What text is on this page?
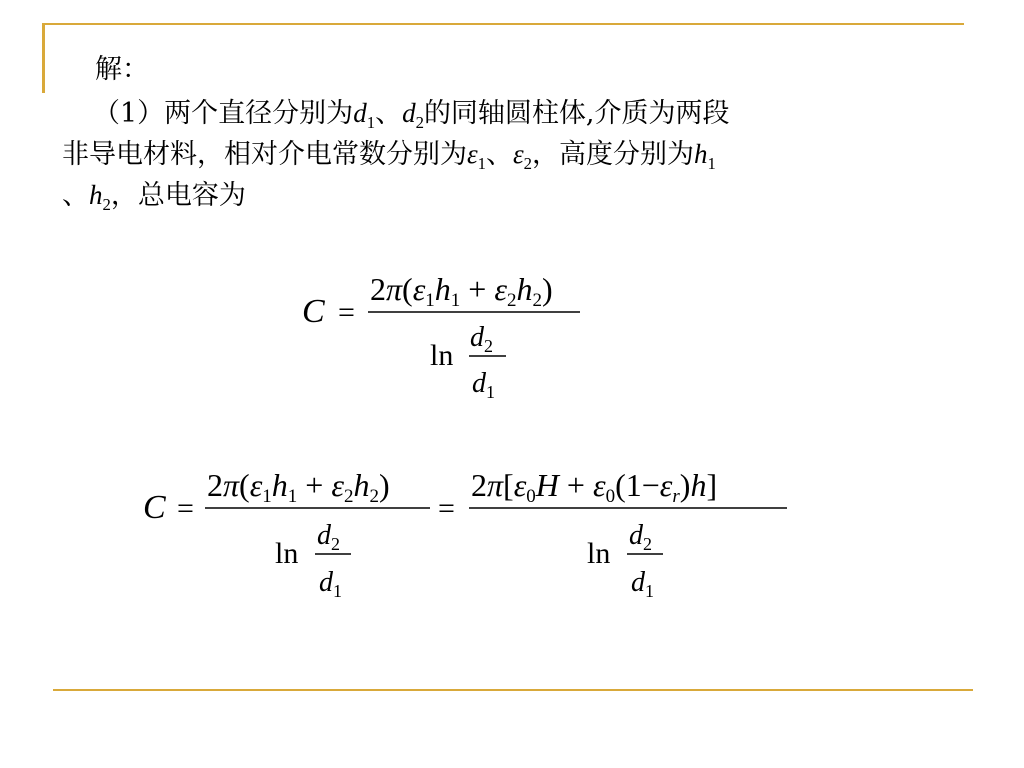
解：
（1）两个直径分别为$d_1$、$d_2$的同轴圆柱体,介质为两段
非导电材料，相对介电常数分别为$\varepsilon_1$、$\varepsilon_2$，高度分别为$h_1$
、$h_2$，总电容为
C =
2π(ε1h1 + ε2h2)
ln
$d_2$
$d_1$
C =
2π(ε1h1 + ε2h2)
ln
$d_2$
$d_1$
=
2π[ε0H + ε0(1−εr)h]
ln
$d_2$
$d_1$
